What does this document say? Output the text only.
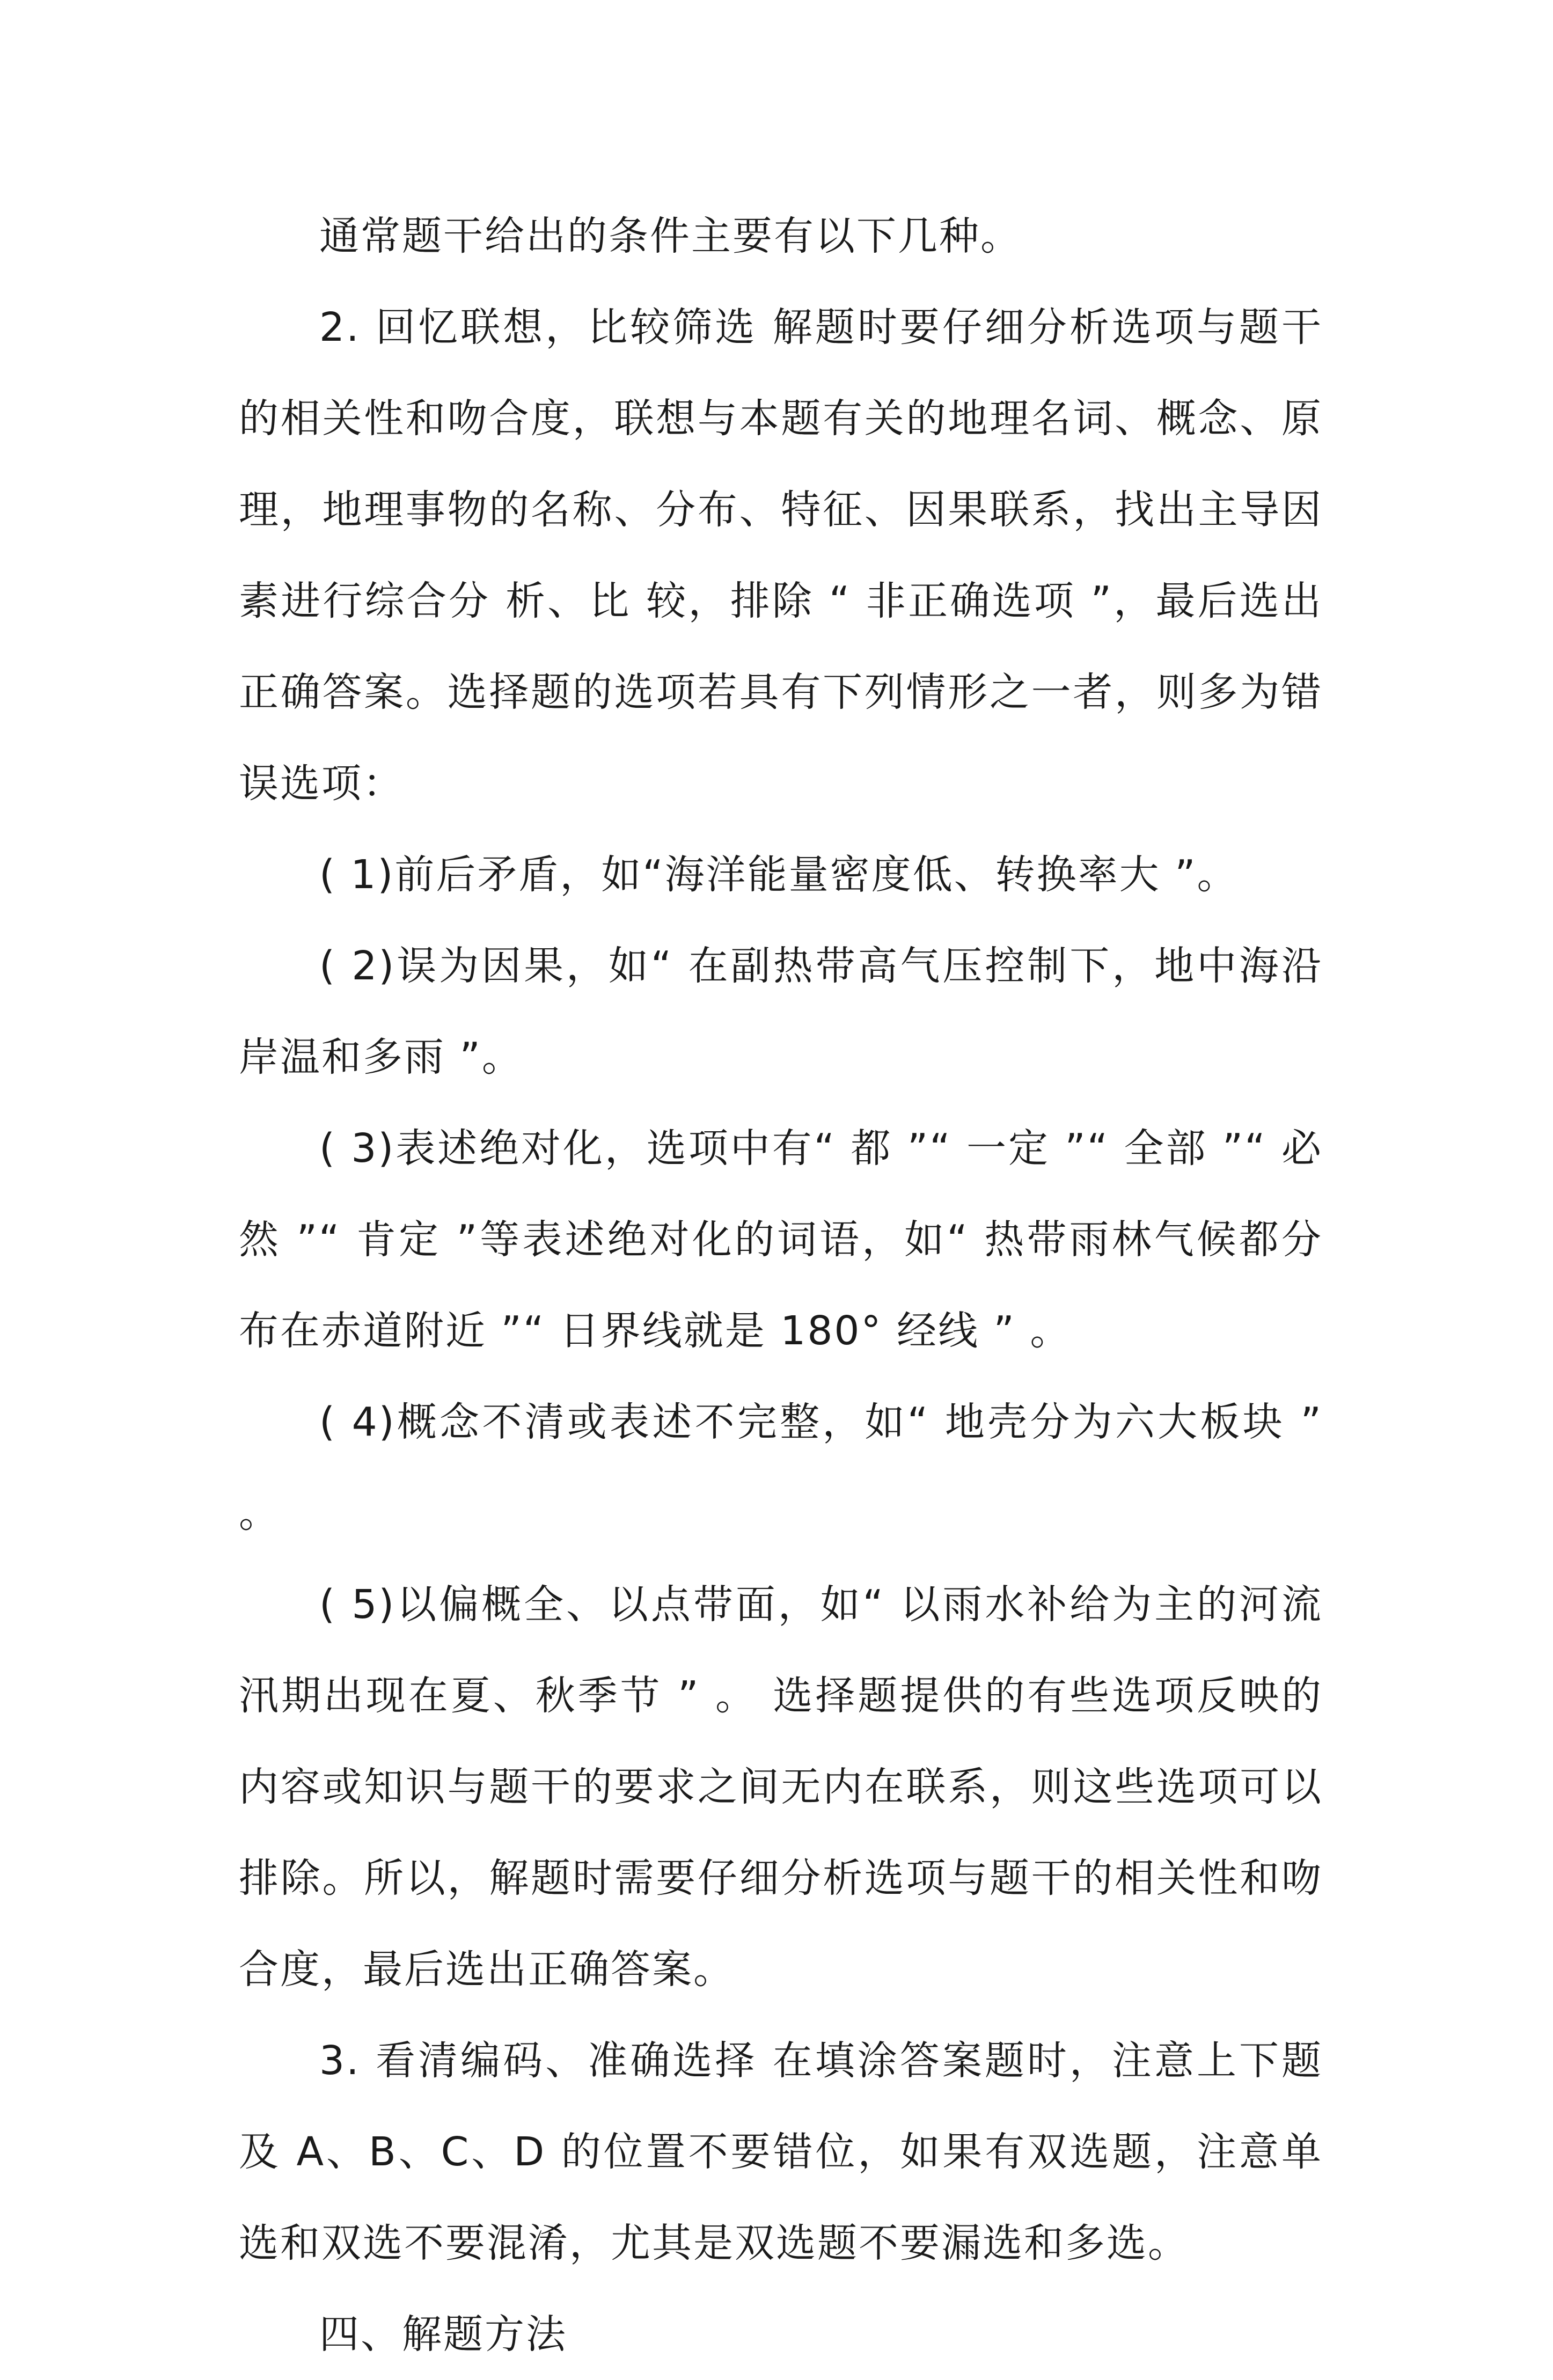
通常题干给出的条件主要有以下几种。

2. 回忆联想，比较筛选 解题时要仔细分析选项与题干的相关性和吻合度，联想与本题有关的地理名词、概念、原理，地理事物的名称、分布、特征、因果联系，找出主导因素进行综合分 析、比 较，排除 “ 非正确选项 ”，最后选出 正确答案。选择题的选项若具有下列情形之一者，则多为错误选项：

( 1)前后矛盾，如“海洋能量密度低、转换率大 ”。

( 2)误为因果，如“ 在副热带高气压控制下，地中海沿岸温和多雨 ”。

( 3)表述绝对化，选项中有“ 都 ”“ 一定 ”“ 全部 ”“ 必然 ”“ 肯定 ”等表述绝对化的词语，如“ 热带雨林气候都分布在赤道附近 ”“ 日界线就是 180° 经线 ” 。

( 4)概念不清或表述不完整，如“ 地壳分为六大板块 ” 。

( 5)以偏概全、以点带面，如“ 以雨水补给为主的河流汛期出现在夏、秋季节 ” 。 选择题提供的有些选项反映的内容或知识与题干的要求之间无内在联系，则这些选项可以排除。所以，解题时需要仔细分析选项与题干的相关性和吻合度，最后选出正确答案。

3. 看清编码、准确选择 在填涂答案题时，注意上下题及 A、B、C、D 的位置不要错位，如果有双选题，注意单选和双选不要混淆，尤其是双选题不要漏选和多选。

四、解题方法
